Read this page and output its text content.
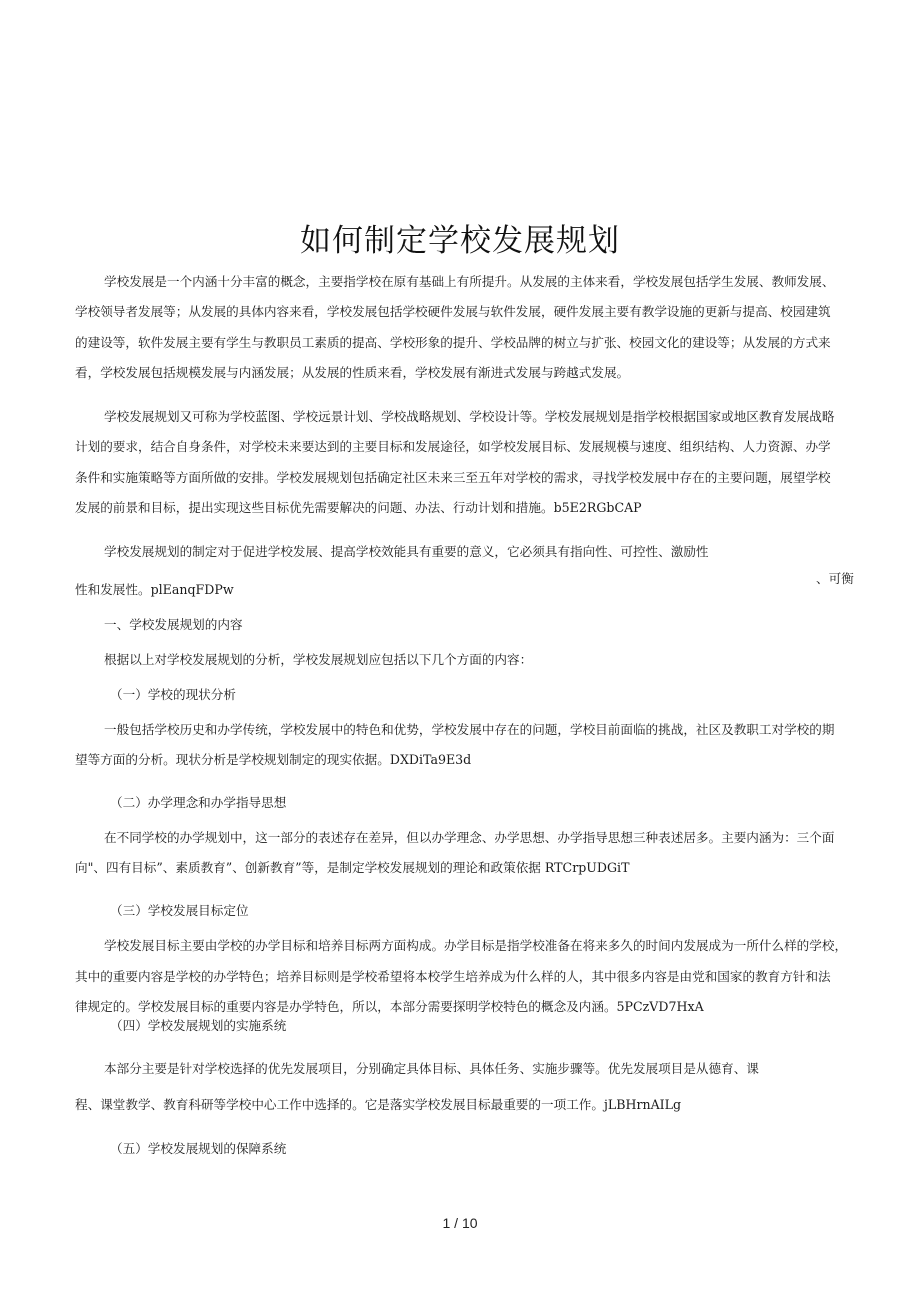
如何制定学校发展规划
学校发展是一个内涵十分丰富的概念，主要指学校在原有基础上有所提升。从发展的主体来看，学校发展包括学生发展、教师发展、
学校领导者发展等；从发展的具体内容来看，学校发展包括学校硬件发展与软件发展，硬件发展主要有教学设施的更新与提高、校园建筑
的建设等，软件发展主要有学生与教职员工素质的提高、学校形象的提升、学校品牌的树立与扩张、校园文化的建设等；从发展的方式来
看，学校发展包括规模发展与内涵发展；从发展的性质来看，学校发展有渐进式发展与跨越式发展。
学校发展规划又可称为学校蓝图、学校远景计划、学校战略规划、学校设计等。学校发展规划是指学校根据国家或地区教育发展战略
计划的要求，结合自身条件，对学校未来要达到的主要目标和发展途径，如学校发展目标、发展规模与速度、组织结构、人力资源、办学
条件和实施策略等方面所做的安排。学校发展规划包括确定社区未来三至五年对学校的需求，寻找学校发展中存在的主要问题，展望学校
发展的前景和目标，提出实现这些目标优先需要解决的问题、办法、行动计划和措施。b5E2RGbCAP
学校发展规划的制定对于促进学校发展、提高学校效能具有重要的意义，它必须具有指向性、可控性、激励性
、可衡
性和发展性。plEanqFDPw
一、学校发展规划的内容
根据以上对学校发展规划的分析，学校发展规划应包括以下几个方面的内容：
（一）学校的现状分析
一般包括学校历史和办学传统，学校发展中的特色和优势，学校发展中存在的问题，学校目前面临的挑战，社区及教职工对学校的期
望等方面的分析。现状分析是学校规划制定的现实依据。DXDiTa9E3d
（二）办学理念和办学指导思想
在不同学校的办学规划中，这一部分的表述存在差异，但以办学理念、办学思想、办学指导思想三种表述居多。主要内涵为：三个面
向"、四有目标”、素质教育”、创新教育”等，是制定学校发展规划的理论和政策依据 RTCrpUDGiT
（三）学校发展目标定位
学校发展目标主要由学校的办学目标和培养目标两方面构成。办学目标是指学校准备在将来多久的时间内发展成为一所什么样的学校，
其中的重要内容是学校的办学特色；培养目标则是学校希望将本校学生培养成为什么样的人，其中很多内容是由党和国家的教育方针和法
律规定的。学校发展目标的重要内容是办学特色，所以，本部分需要探明学校特色的概念及内涵。5PCzVD7HxA
（四）学校发展规划的实施系统
本部分主要是针对学校选择的优先发展项目，分别确定具体目标、具体任务、实施步骤等。优先发展项目是从德育、课
程、课堂教学、教育科研等学校中心工作中选择的。它是落实学校发展目标最重要的一项工作。jLBHrnAILg
（五）学校发展规划的保障系统
1 / 10
